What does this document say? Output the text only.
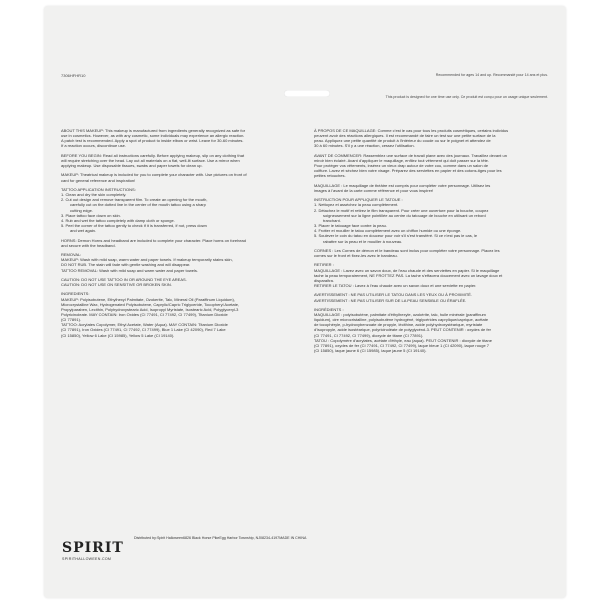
7306HFHR10	Recommended for ages 14 and up. Recommandé pour 14 ans et plus.
This product is designed for one time use only. Ce produit est conçu pour un usage unique seulement.
ABOUT THIS MAKEUP: This makeup is manufactured from ingredients generally recognized as safe for
use in cosmetics. However, as with any cosmetic, some individuals may experience an allergic reaction.
A patch test is recommended. Apply a spot of product to inside elbow or wrist. Leave for 30-60 minutes.
If a reaction occurs, discontinue use.
BEFORE YOU BEGIN: Read all instructions carefully. Before applying makeup, slip on any clothing that
will require stretching over the head. Lay out all materials on a flat, well-lit surface. Use a mirror when
applying makeup. Use disposable tissues, swabs and paper towels for clean up.
MAKEUP: Theatrical makeup is included for you to complete your character with. Use pictures on front of
card for general reference and inspiration!
TATTOO APPLICATION INSTRUCTIONS:
1. Clean and dry the skin completely.
2. Cut out design and remove transparent film. To create an opening for the mouth,
carefully cut on the dotted line in the center of the mouth tattoo using a sharp
cutting edge.
3. Place tattoo face down on skin.
4. Rub and wet the tattoo completely with damp cloth or sponge.
5. Peel the corner of the tattoo gently to check if it is transferred, if not, press down
and wet again.
HORNS: Demon Horns and headband are included to complete your character. Place horns on forehead
and secure with the headband.
REMOVAL:
MAKEUP: Wash with mild soap, warm water and paper towels. If makeup temporarily stains skin,
DO NOT RUB. The stain will fade with gentle washing and will disappear.
TATTOO REMOVAL: Wash with mild soap and warm water and paper towels.
CAUTION: DO NOT USE TATTOO IN OR AROUND THE EYE AREAS.
CAUTION: DO NOT USE ON SENSITIVE OR BROKEN SKIN.
INGREDIENTS:
MAKEUP: Polyisobutene, Ethylhexyl Palmitate, Ozokerite, Talc, Mineral Oil (Paraffinum Liquidum),
Microcrystalline Wax, Hydrogenated Polyisobutene, Caprylic/Capric Triglyceride, Tocopheryl Acetate,
Propylparaben, Lecithin, Polyhydroxystearic Acid, Isopropyl Myristate, Isostearic Acid, Polyglyceryl-3
Polyricinoleate. MAY CONTAIN: Iron Oxides (CI 77491, CI 77492, CI 77499), Titanium Dioxide
(CI 77891).
TATTOO: Acrylates Copolymer, Ethyl Acetate, Water (Aqua). MAY CONTAIN: Titanium Dioxide
(CI 77891), Iron Oxides (CI 77491, CI 77492, CI 77499), Blue 1 Lake (CI 42090), Red 7 Lake
(CI 15850), Yellow 6 Lake (CI 15985), Yellow 5 Lake (CI 19140).
À PROPOS DE CE MAQUILLAGE: Comme c'est le cas pour tous les produits cosmétiques, certains individus
peuvent avoir des réactions allergiques. Il est recommandé de faire un test sur une petite surface de la
peau. Appliquez une petite quantité de produit à l'intérieur du coude ou sur le poignet et attendez de
30 à 60 minutes. S'il y a une réaction, cessez l'utilisation.
AVANT DE COMMENCER: Rassemblez une surface de travail plane avec des journaux. Travaillez devant un
miroir bien éclairé. Avant d'appliquer le maquillage, enfilez tout vêtement qui doit passer sur la tête.
Pour protéger vos vêtements, insérez un vieux drap autour de votre cou, comme dans un salon de
coiffure. Lavez et séchez bien votre visage. Préparez des serviettes en papier et des cotons-tiges pour les
petites retouches.
MAQUILLAGE : Le maquillage de théâtre est compris pour compléter votre personnage. Utilisez les
images à l'avant de la carte comme référence et pour vous inspirer!
INSTRUCTION POUR APPLIQUER LE TATOUE :
1. Nettoyez et asséchez la peau complètement.
2. Détachez le motif et retirez le film transparent. Pour créer une ouverture pour la bouche, coupez
soigneusement sur la ligne pointillée au centre du tatouage de bouche en utilisant un rebord
tranchant.
3. Placer le tatouage face contre la peau.
4. Frotter et mouiller le tatou complètement avec un chiffon humide ou une éponge.
5. Soulever le coin du tatou en douceur pour voir s'il s'est transféré. Si ce n'est pas le cas, le
rabattre sur la peau et le mouiller à nouveau.
CORNES : Les Cornes de démon et le bandeau sont inclus pour compléter votre personnage. Placez les
cornes sur le front et fixez-les avec le bandeau.
RETIRER :
MAQUILLAGE : Lavez avec un savon doux, de l'eau chaude et des serviettes en papier. Si le maquillage
tache la peau temporairement, NE FROTTEZ PAS. La tache s'effacera doucement avec un lavage doux et
disparaîtra.
RETIRER LE TATOU : Lavez à l'eau chaude avec un savon doux et une serviette en papier.
AVERTISSEMENT : NE PAS UTILISER LE TATOU DANS LES YEUX OU À PROXIMITÉ.
AVERTISSEMENT : NE PAS UTILISER SUR DE LA PEAU SENSIBLE OU ÉRAFLÉE.
INGRÉDIENTS :
MAQUILLAGE : polyisobutène, palmitate d'éthylhexyle, ozokérite, talc, huile minérale (paraffinum
liquidum), cire microcristalline, polyisobutène hydrogéné, triglycérides caprylique/caprique, acétate
de tocophéryle, p-hydroxybenzoate de propyle, lécithine, acide polyhydroxystéarique, myristate
d'isopropyle, acide isostéarique, polyricinoléate de polyglycérol-3. PEUT CONTENIR : oxydes de fer
(CI 77491, CI 77492, CI 77499), dioxyde de titane (CI 77891).
TATOU : Copolymère d'acrylates, acétate d'éthyle, eau (aqua). PEUT CONTENIR : dioxyde de titane
(CI 77891), oxydes de fer (CI 77491, CI 77492, CI 77499), laque bleue 1 (CI 42090), laque rouge 7
(CI 15850), laque jaune 6 (CI 15985), laque jaune 5 (CI 19140).
SPIRIT
SPIRITHALLOWEEN.COM
Distributed by:Spirit Halloween6826 Black Horse PikeEgg Harbor Township, NJ08234-4197MADE IN CHINA
